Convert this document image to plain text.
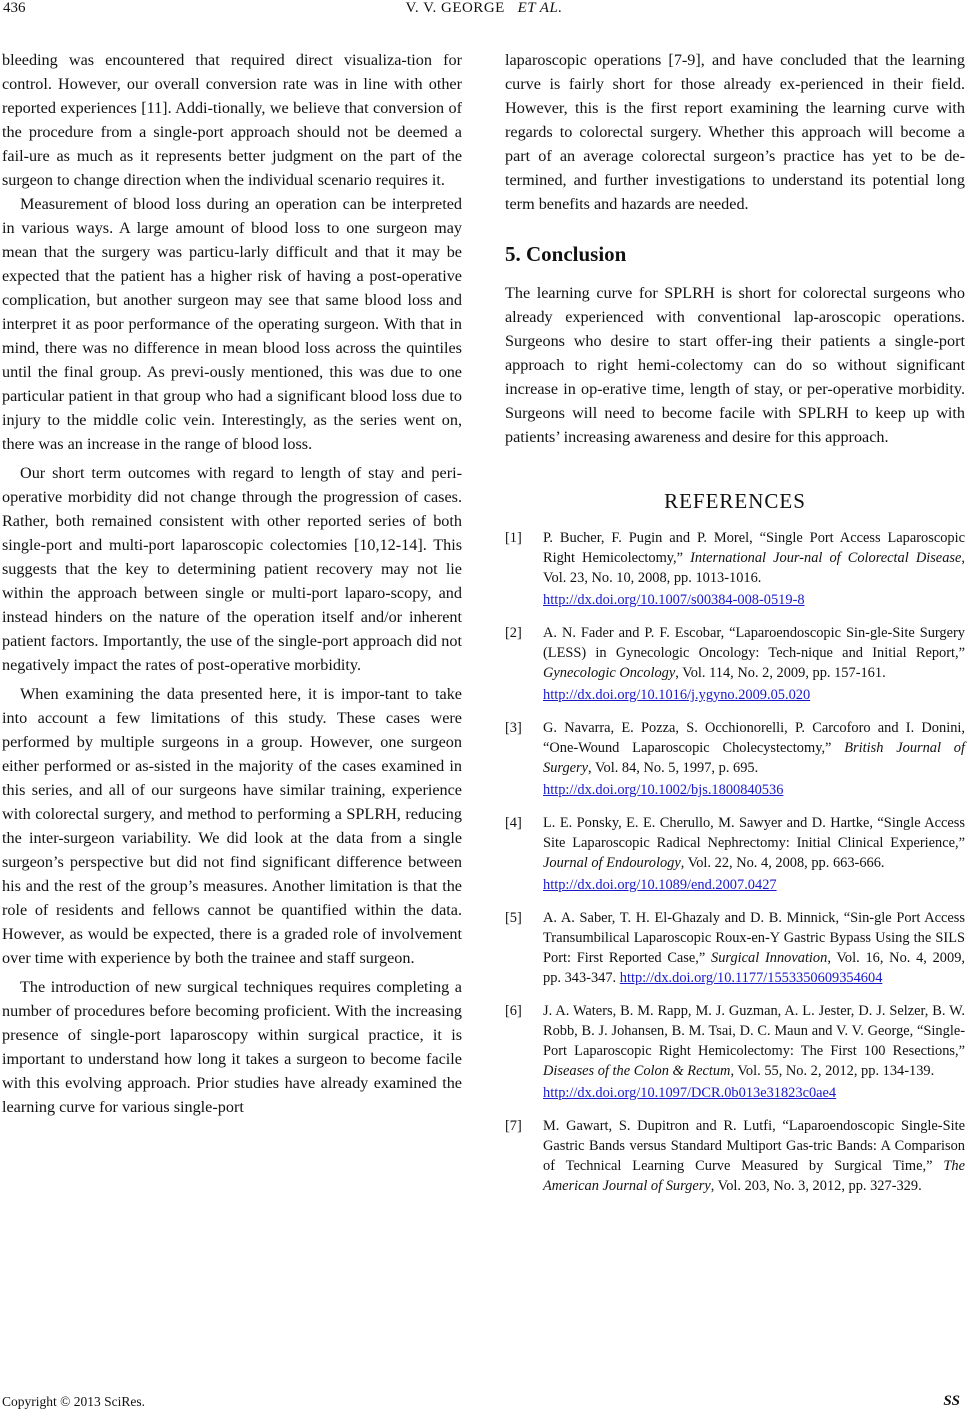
436	V. V. GEORGE ET AL.

bleeding was encountered that required direct visualiza-tion for control. However, our overall conversion rate was in line with other reported experiences [11]. Addi-tionally, we believe that conversion of the procedure from a single-port approach should not be deemed a fail-ure as much as it represents better judgment on the part of the surgeon to change direction when the individual scenario requires it.

Measurement of blood loss during an operation can be interpreted in various ways. A large amount of blood loss to one surgeon may mean that the surgery was particu-larly difficult and that it may be expected that the patient has a higher risk of having a post-operative complication, but another surgeon may see that same blood loss and interpret it as poor performance of the operating surgeon. With that in mind, there was no difference in mean blood loss across the quintiles until the final group. As previ-ously mentioned, this was due to one particular patient in that group who had a significant blood loss due to injury to the middle colic vein. Interestingly, as the series went on, there was an increase in the range of blood loss.

Our short term outcomes with regard to length of stay and peri-operative morbidity did not change through the progression of cases. Rather, both remained consistent with other reported series of both single-port and multi-port laparoscopic colectomies [10,12-14]. This suggests that the key to determining patient recovery may not lie within the approach between single or multi-port laparo-scopy, and instead hinders on the nature of the operation itself and/or inherent patient factors. Importantly, the use of the single-port approach did not negatively impact the rates of post-operative morbidity.

When examining the data presented here, it is impor-tant to take into account a few limitations of this study. These cases were performed by multiple surgeons in a group. However, one surgeon either performed or as-sisted in the majority of the cases examined in this series, and all of our surgeons have similar training, experience with colorectal surgery, and method to performing a SPLRH, reducing the inter-surgeon variability. We did look at the data from a single surgeon’s perspective but did not find significant difference between his and the rest of the group’s measures. Another limitation is that the role of residents and fellows cannot be quantified within the data. However, as would be expected, there is a graded role of involvement over time with experience by both the trainee and staff surgeon.

The introduction of new surgical techniques requires completing a number of procedures before becoming proficient. With the increasing presence of single-port laparoscopy within surgical practice, it is important to understand how long it takes a surgeon to become facile with this evolving approach. Prior studies have already examined the learning curve for various single-port

laparoscopic operations [7-9], and have concluded that the learning curve is fairly short for those already ex-perienced in their field. However, this is the first report examining the learning curve with regards to colorectal surgery. Whether this approach will become a part of an average colorectal surgeon’s practice has yet to be de-termined, and further investigations to understand its potential long term benefits and hazards are needed.

5. Conclusion

The learning curve for SPLRH is short for colorectal surgeons who already experienced with conventional lap-aroscopic operations. Surgeons who desire to start offer-ing their patients a single-port approach to right hemi-colectomy can do so without significant increase in op-erative time, length of stay, or per-operative morbidity. Surgeons will need to become facile with SPLRH to keep up with patients’ increasing awareness and desire for this approach.

REFERENCES
[1]	P. Bucher, F. Pugin and P. Morel, “Single Port Access Laparoscopic Right Hemicolectomy,” International Jour-nal of Colorectal Disease, Vol. 23, No. 10, 2008, pp. 1013-1016.
http://dx.doi.org/10.1007/s00384-008-0519-8
[2]	A. N. Fader and P. F. Escobar, “Laparoendoscopic Sin-gle-Site Surgery (LESS) in Gynecologic Oncology: Tech-nique and Initial Report,” Gynecologic Oncology, Vol. 114, No. 2, 2009, pp. 157-161.
http://dx.doi.org/10.1016/j.ygyno.2009.05.020
[3]	G. Navarra, E. Pozza, S. Occhionorelli, P. Carcoforo and I. Donini, “One-Wound Laparoscopic Cholecystectomy,” British Journal of Surgery, Vol. 84, No. 5, 1997, p. 695.
http://dx.doi.org/10.1002/bjs.1800840536
[4]	L. E. Ponsky, E. E. Cherullo, M. Sawyer and D. Hartke, “Single Access Site Laparoscopic Radical Nephrectomy: Initial Clinical Experience,” Journal of Endourology, Vol. 22, No. 4, 2008, pp. 663-666.
http://dx.doi.org/10.1089/end.2007.0427
[5]	A. A. Saber, T. H. El-Ghazaly and D. B. Minnick, “Sin-gle Port Access Transumbilical Laparoscopic Roux-en-Y Gastric Bypass Using the SILS Port: First Reported Case,” Surgical Innovation, Vol. 16, No. 4, 2009, pp. 343-347. http://dx.doi.org/10.1177/1553350609354604
[6]	J. A. Waters, B. M. Rapp, M. J. Guzman, A. L. Jester, D. J. Selzer, B. W. Robb, B. J. Johansen, B. M. Tsai, D. C. Maun and V. V. George, “Single-Port Laparoscopic Right Hemicolectomy: The First 100 Resections,” Diseases of the Colon & Rectum, Vol. 55, No. 2, 2012, pp. 134-139.
http://dx.doi.org/10.1097/DCR.0b013e31823c0ae4
[7]	M. Gawart, S. Dupitron and R. Lutfi, “Laparoendoscopic Single-Site Gastric Bands versus Standard Multiport Gas-tric Bands: A Comparison of Technical Learning Curve Measured by Surgical Time,” The American Journal of Surgery, Vol. 203, No. 3, 2012, pp. 327-329.
Copyright © 2013 SciRes.	SS
